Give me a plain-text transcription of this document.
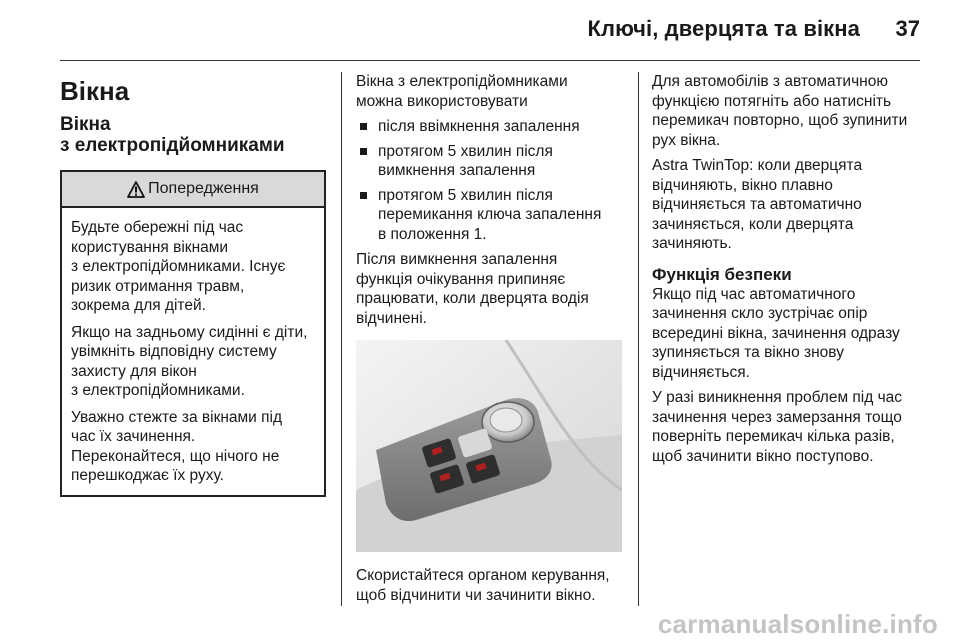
Ключі, дверцята та вікна 37
Вікна
Вікна
з електропідйомниками
Попередження

Будьте обережні під час
користування вікнами
з електропідйомниками. Існує
ризик отримання травм,
зокрема для дітей.

Якщо на задньому сидінні є діти,
увімкніть відповідну систему
захисту для вікон
з електропідйомниками.

Уважно стежте за вікнами під
час їх зачинення.
Переконайтеся, що нічого не
перешкоджає їх руху.

Вікна з електропідйомниками
можна використовувати

після ввімкнення запалення
протягом 5 хвилин після
вимкнення запалення
протягом 5 хвилин після
перемикання ключа запалення
в положення 1.

Після вимкнення запалення
функція очікування припиняє
працювати, коли дверцята водія
відчинені.

Скористайтеся органом керування,
щоб відчинити чи зачинити вікно.

Для автомобілів з автоматичною
функцією потягніть або натисніть
перемикач повторно, щоб зупинити
рух вікна.

Astra TwinTop: коли дверцята
відчиняють, вікно плавно
відчиняється та автоматично
зачиняється, коли дверцята
зачиняють.

Функція безпеки

Якщо під час автоматичного
зачинення скло зустрічає опір
всередині вікна, зачинення одразу
зупиняється та вікно знову
відчиняється.

У разі виникнення проблем під час
зачинення через замерзання тощо
поверніть перемикач кілька разів,
щоб зачинити вікно поступово.

carmanualsonline.info
